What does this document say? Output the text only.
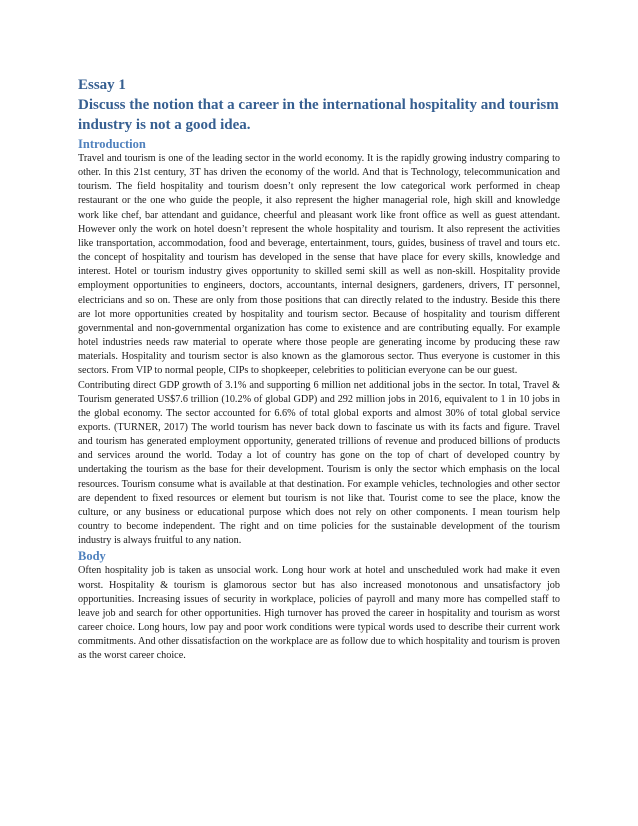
Essay 1

Discuss the notion that a career in the international hospitality and tourism industry is not a good idea.
Introduction

Travel and tourism is one of the leading sector in the world economy. It is the rapidly growing industry comparing to other. In this 21st century, 3T has driven the economy of the world. And that is Technology, telecommunication and tourism. The field hospitality and tourism doesn’t only represent the low categorical work performed in cheap restaurant or the one who guide the people, it also represent the higher managerial role, high skill and knowledge work like chef, bar attendant and guidance, cheerful and pleasant work like front office as well as guest attendant. However only the work on hotel doesn’t represent the whole hospitality and tourism. It also represent the activities like transportation, accommodation, food and beverage, entertainment, tours, guides, business of travel and tours etc. the concept of hospitality and tourism has developed in the sense that have place for every skills, knowledge and interest. Hotel or tourism industry gives opportunity to skilled semi skill as well as non-skill. Hospitality provide employment opportunities to engineers, doctors, accountants, internal designers, gardeners, drivers, IT personnel, electricians and so on. These are only from those positions that can directly related to the industry. Beside this there are lot more opportunities created by hospitality and tourism sector. Because of hospitality and tourism different governmental and non-governmental organization has come to existence and are contributing equally. For example hotel industries needs raw material to operate where those people are generating income by producing these raw materials. Hospitality and tourism sector is also known as the glamorous sector. Thus everyone is customer in this sectors. From VIP to normal people, CIPs to shopkeeper, celebrities to politician everyone can be our guest.

Contributing direct GDP growth of 3.1% and supporting 6 million net additional jobs in the sector. In total, Travel & Tourism generated US$7.6 trillion (10.2% of global GDP) and 292 million jobs in 2016, equivalent to 1 in 10 jobs in the global economy. The sector accounted for 6.6% of total global exports and almost 30% of total global service exports. (TURNER, 2017) The world tourism has never back down to fascinate us with its facts and figure. Travel and tourism has generated employment opportunity, generated trillions of revenue and produced billions of products and services around the world. Today a lot of country has gone on the top of chart of developed country by undertaking the tourism as the base for their development. Tourism is only the sector which emphasis on the local resources. Tourism consume what is available at that destination. For example vehicles, technologies and other sector are dependent to fixed resources or element but tourism is not like that. Tourist come to see the place, know the culture, or any business or educational purpose which does not rely on other components. I mean tourism help country to become independent. The right and on time policies for the sustainable development of the tourism industry is always fruitful to any nation.

Body

Often hospitality job is taken as unsocial work. Long hour work at hotel and unscheduled work had make it even worst. Hospitality & tourism is glamorous sector but has also increased monotonous and unsatisfactory job opportunities. Increasing issues of security in workplace, policies of payroll and many more has compelled staff to leave job and search for other opportunities. High turnover has proved the career in hospitality and tourism as worst career choice. Long hours, low pay and poor work conditions were typical words used to describe their current work commitments. And other dissatisfaction on the workplace are as follow due to which hospitality and tourism is proven as the worst career choice.
